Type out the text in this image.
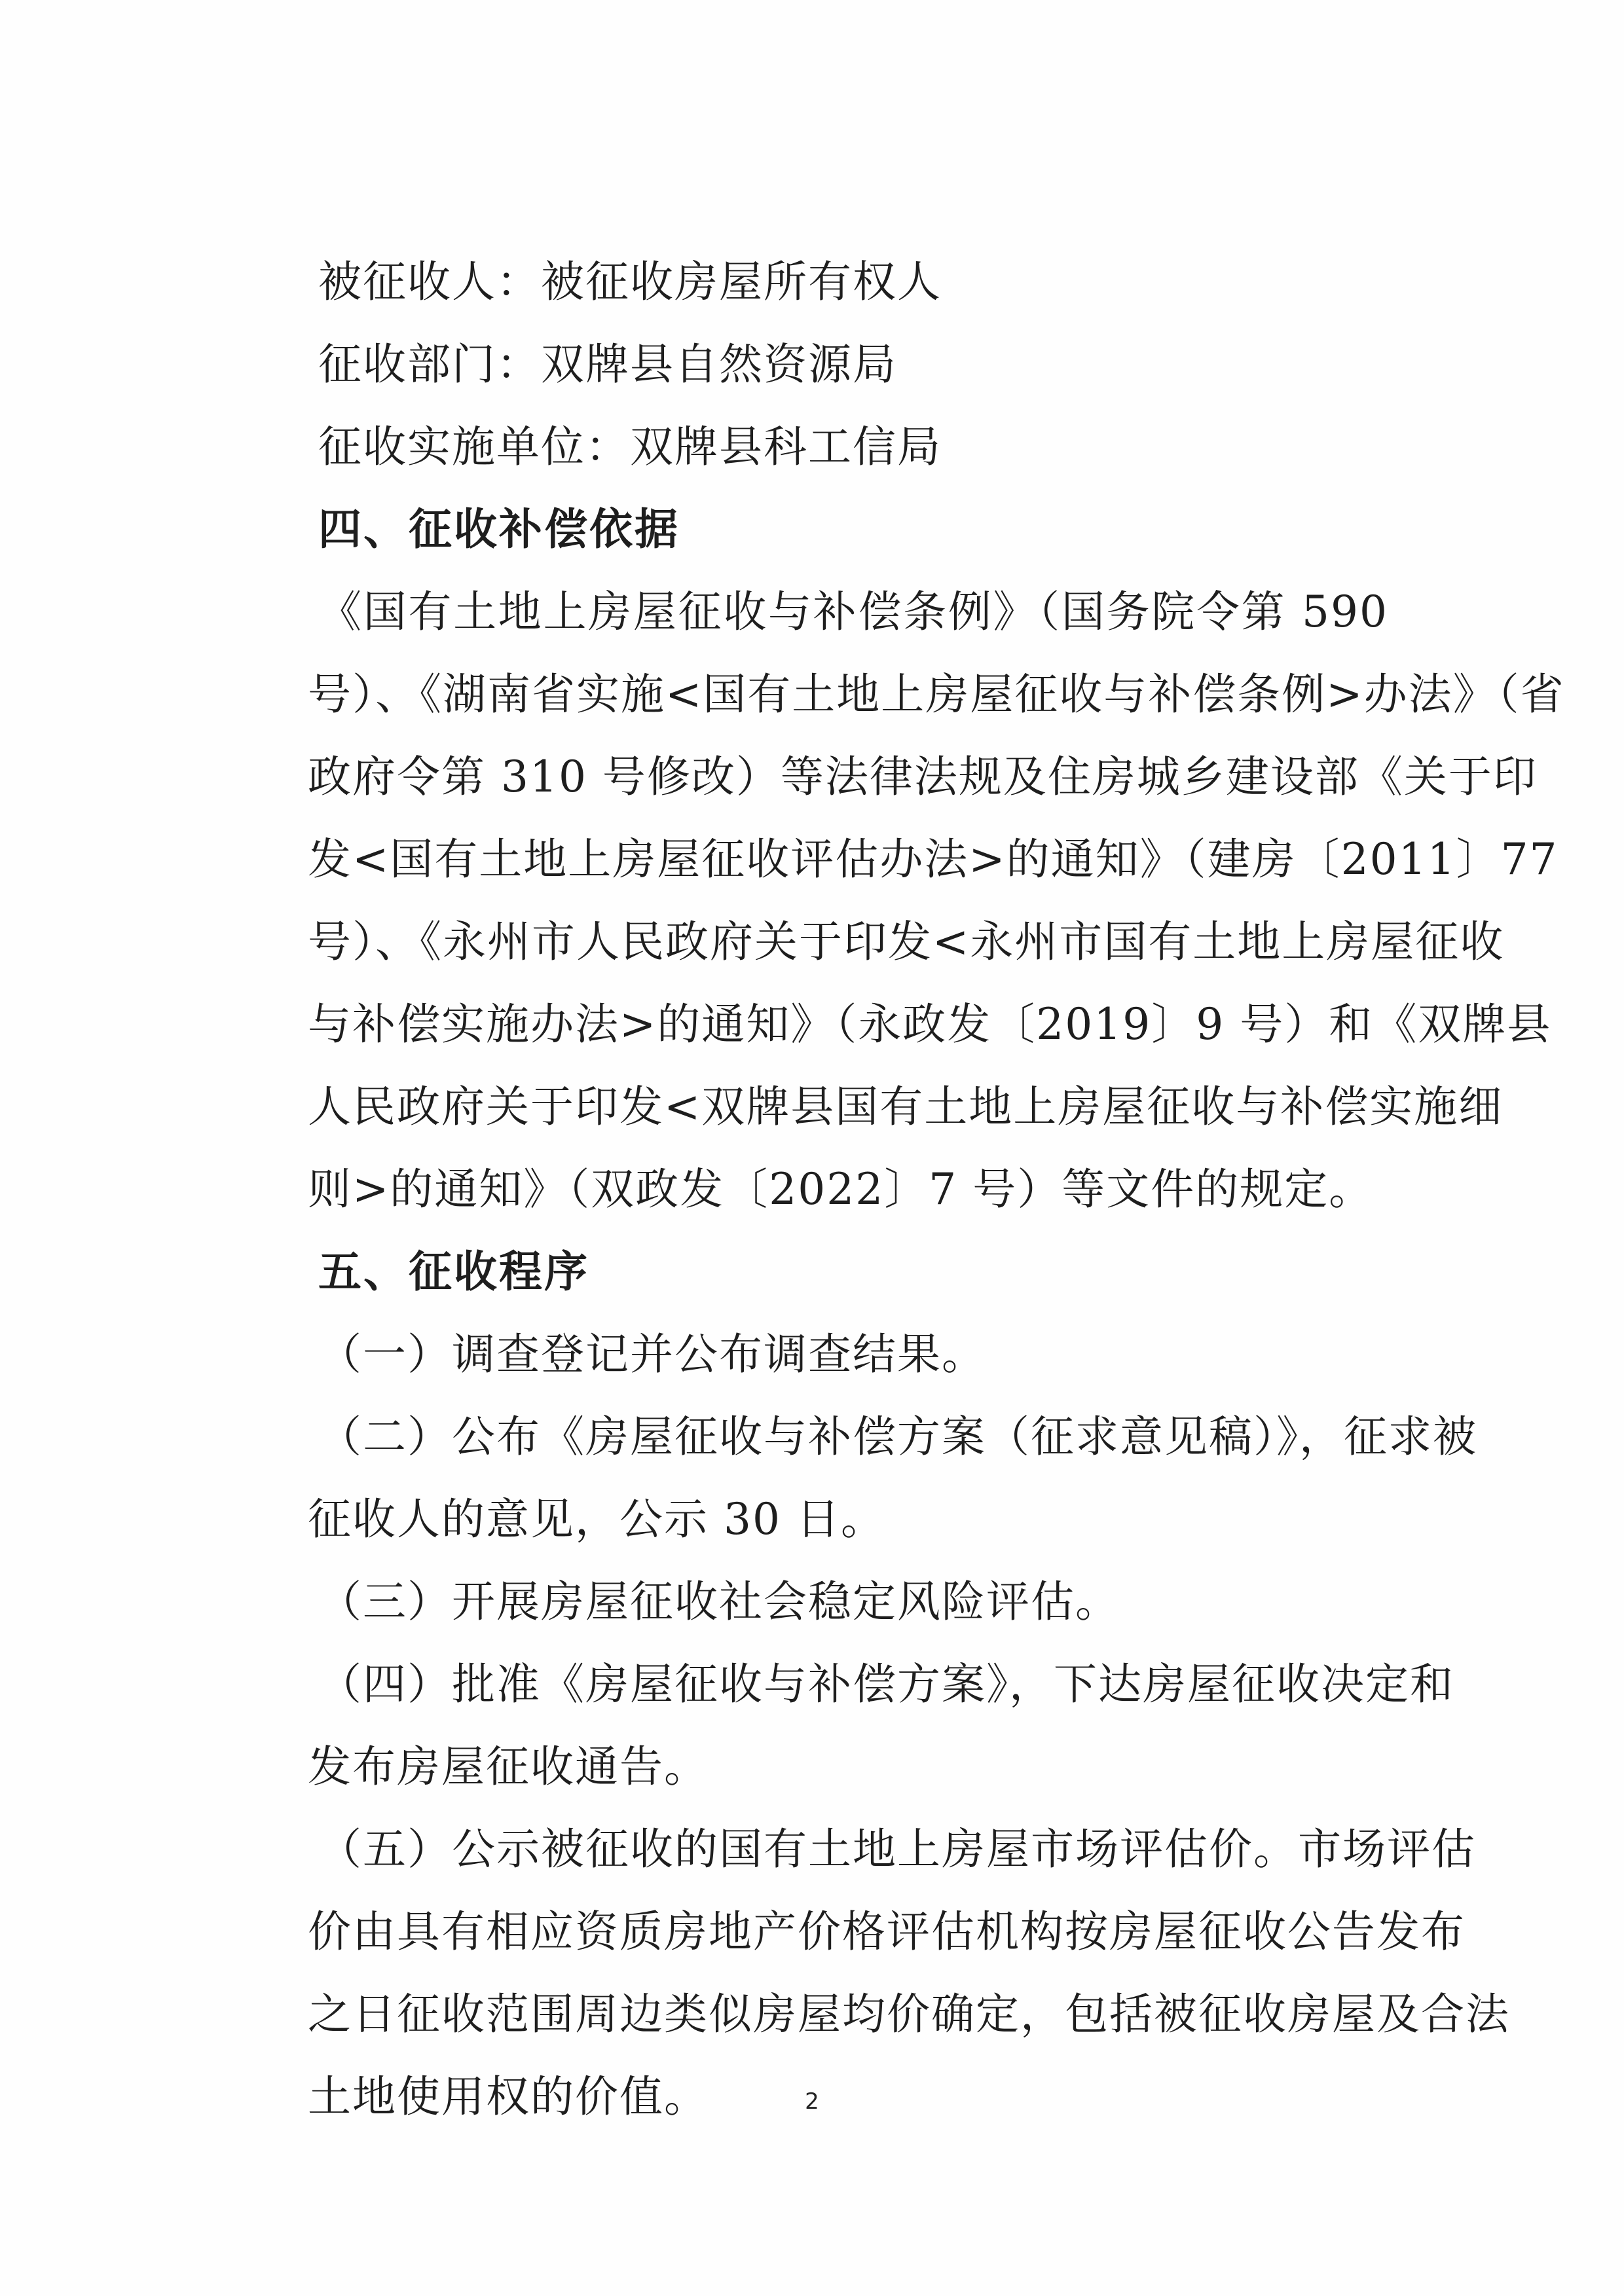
被征收人：被征收房屋所有权人
征收部门：双牌县自然资源局
征收实施单位：双牌县科工信局
四、征收补偿依据
《国有土地上房屋征收与补偿条例》（国务院令第 590
号）、《湖南省实施<国有土地上房屋征收与补偿条例>办法》（省
政府令第 310 号修改）等法律法规及住房城乡建设部《关于印
发<国有土地上房屋征收评估办法>的通知》（建房〔2011〕77
号）、《永州市人民政府关于印发<永州市国有土地上房屋征收
与补偿实施办法>的通知》（永政发〔2019〕9 号）和《双牌县
人民政府关于印发<双牌县国有土地上房屋征收与补偿实施细
则>的通知》（双政发〔2022〕7 号）等文件的规定。
五、征收程序
（一）调查登记并公布调查结果。
（二）公布《房屋征收与补偿方案（征求意见稿）》，征求被
征收人的意见，公示 30 日。
（三）开展房屋征收社会稳定风险评估。
（四）批准《房屋征收与补偿方案》，下达房屋征收决定和
发布房屋征收通告。
（五）公示被征收的国有土地上房屋市场评估价。市场评估
价由具有相应资质房地产价格评估机构按房屋征收公告发布
之日征收范围周边类似房屋均价确定，包括被征收房屋及合法
土地使用权的价值。	2
